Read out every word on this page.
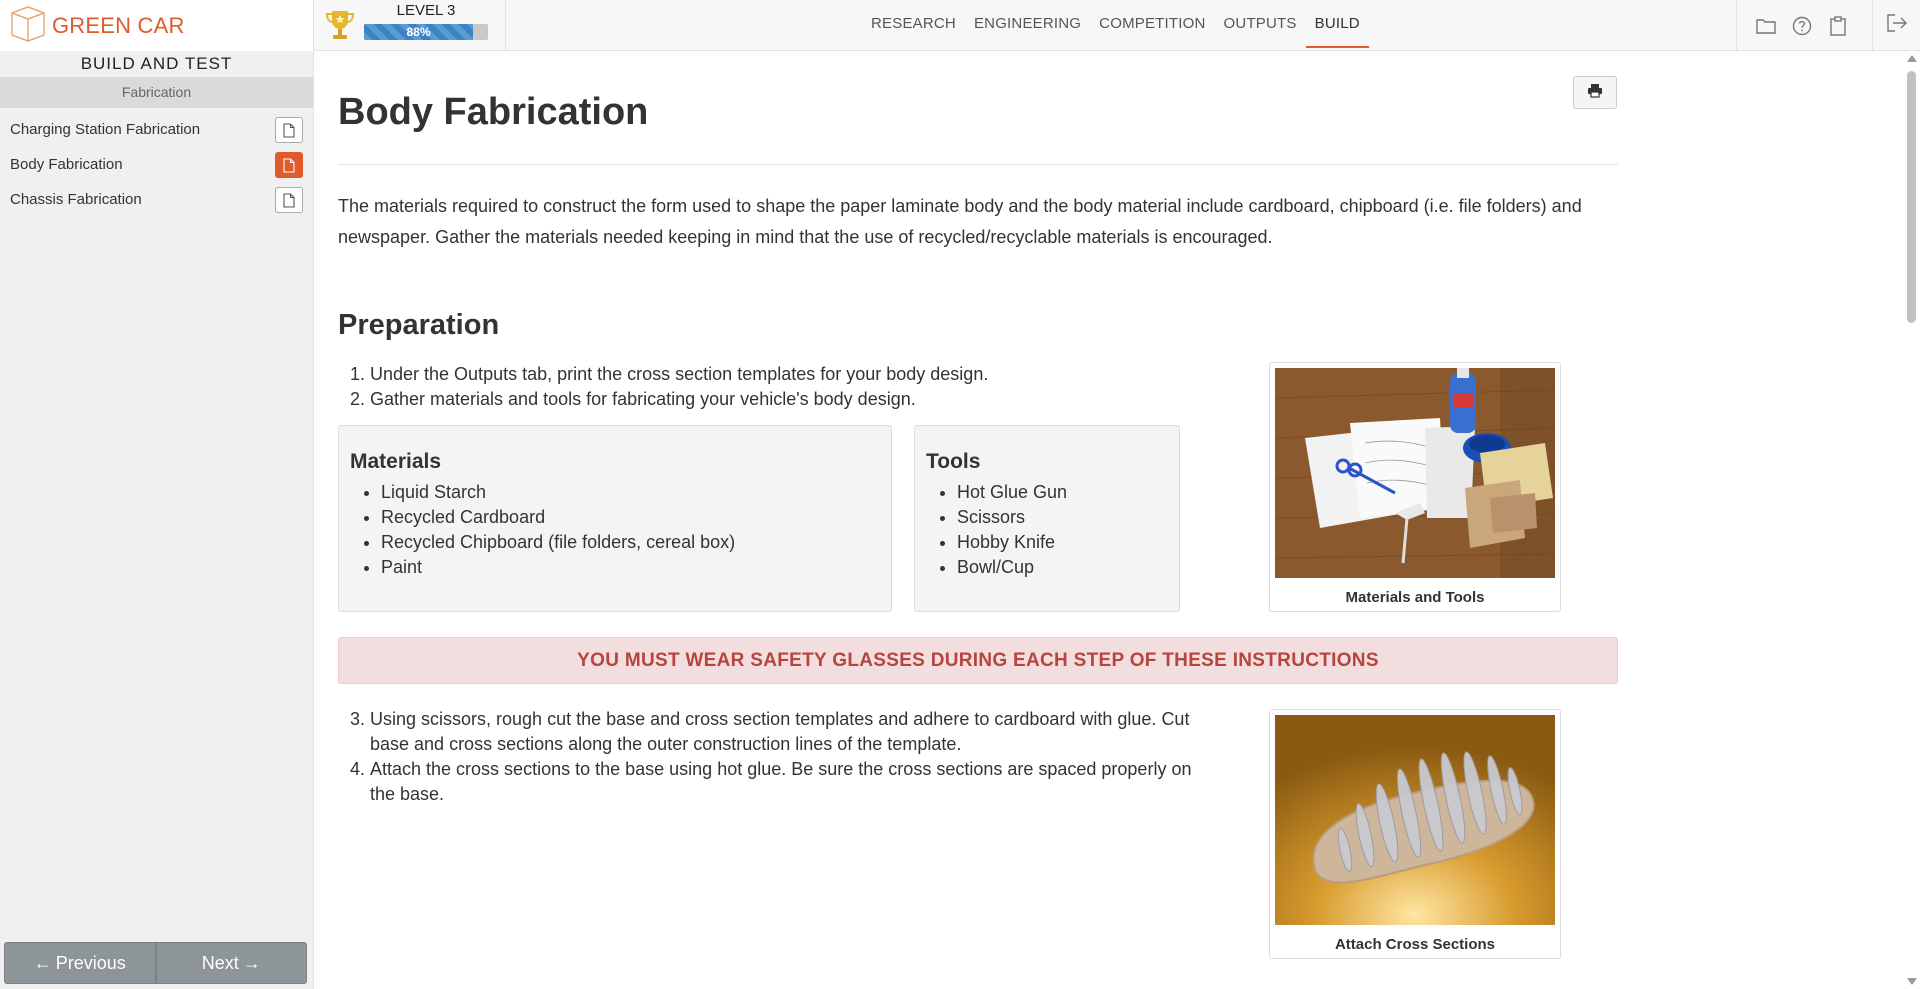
GREEN CAR
LEVEL 3
88%	RESEARCH	ENGINEERING	COMPETITION	OUTPUTS	BUILD
BUILD AND TEST
Fabrication
Charging Station Fabrication
Body Fabrication
Chassis Fabrication
← Previous	Next →
Body Fabrication

The materials required to construct the form used to shape the paper laminate body and the body material include cardboard, chipboard (i.e. file folders) and newspaper. Gather the materials needed keeping in mind that the use of recycled/recyclable materials is encouraged.

Preparation
1. Under the Outputs tab, print the cross section templates for your body design.
2. Gather materials and tools for fabricating your vehicle's body design.
Materials
• Liquid Starch
• Recycled Cardboard
• Recycled Chipboard (file folders, cereal box)
• Paint
Tools
• Hot Glue Gun
• Scissors
• Hobby Knife
• Bowl/Cup
Materials and Tools
YOU MUST WEAR SAFETY GLASSES DURING EACH STEP OF THESE INSTRUCTIONS
3. Using scissors, rough cut the base and cross section templates and adhere to cardboard with glue. Cut base and cross sections along the outer construction lines of the template.
4. Attach the cross sections to the base using hot glue. Be sure the cross sections are spaced properly on the base.
Attach Cross Sections
